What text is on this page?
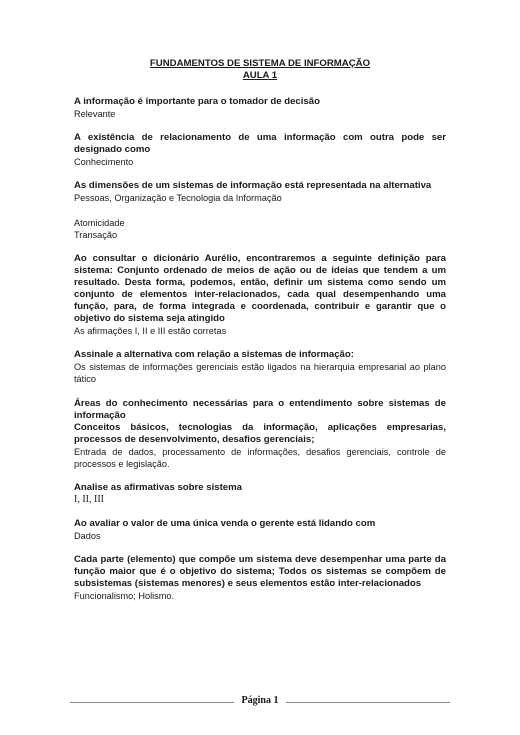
FUNDAMENTOS DE SISTEMA DE INFORMAÇÃO
AULA 1

A informação é importante para o tomador de decisão

Relevante

A existência de relacionamento de uma informação com outra pode ser designado como

Conhecimento

As dimensões de um sistemas de informação está representada na alternativa

Pessoas, Organização e Tecnologia da Informação

Atomicidade

Transação

Ao consultar o dicionário Aurélio, encontraremos a seguinte definição para sistema: Conjunto ordenado de meios de ação ou de ideias que tendem a um resultado. Desta forma, podemos, então, definir um sistema como sendo um conjunto de elementos inter-relacionados, cada qual desempenhando uma função, para, de forma integrada e coordenada, contribuir e garantir que o objetivo do sistema seja atingido

As afirmações I, II e III estão corretas

Assinale a alternativa com relação a sistemas de informação:

Os sistemas de informações gerenciais estão ligados na hierarquia empresarial ao plano tático

Áreas do conhecimento necessárias para o entendimento sobre sistemas de informação

Conceitos básicos, tecnologias da informação, aplicações empresarias, processos de desenvolvimento, desafios gerenciais;

Entrada de dados, processamento de informações, desafios gerenciais, controle de processos e legislação.

Analise as afirmativas sobre sistema

I, II, III

Ao avaliar o valor de uma única venda o gerente está lidando com

Dados

Cada parte (elemento) que compõe um sistema deve desempenhar uma parte da função maior que é o objetivo do sistema; Todos os sistemas se compõem de subsistemas (sistemas menores) e seus elementos estão inter-relacionados

Funcionalismo; Holismo.

Página 1
